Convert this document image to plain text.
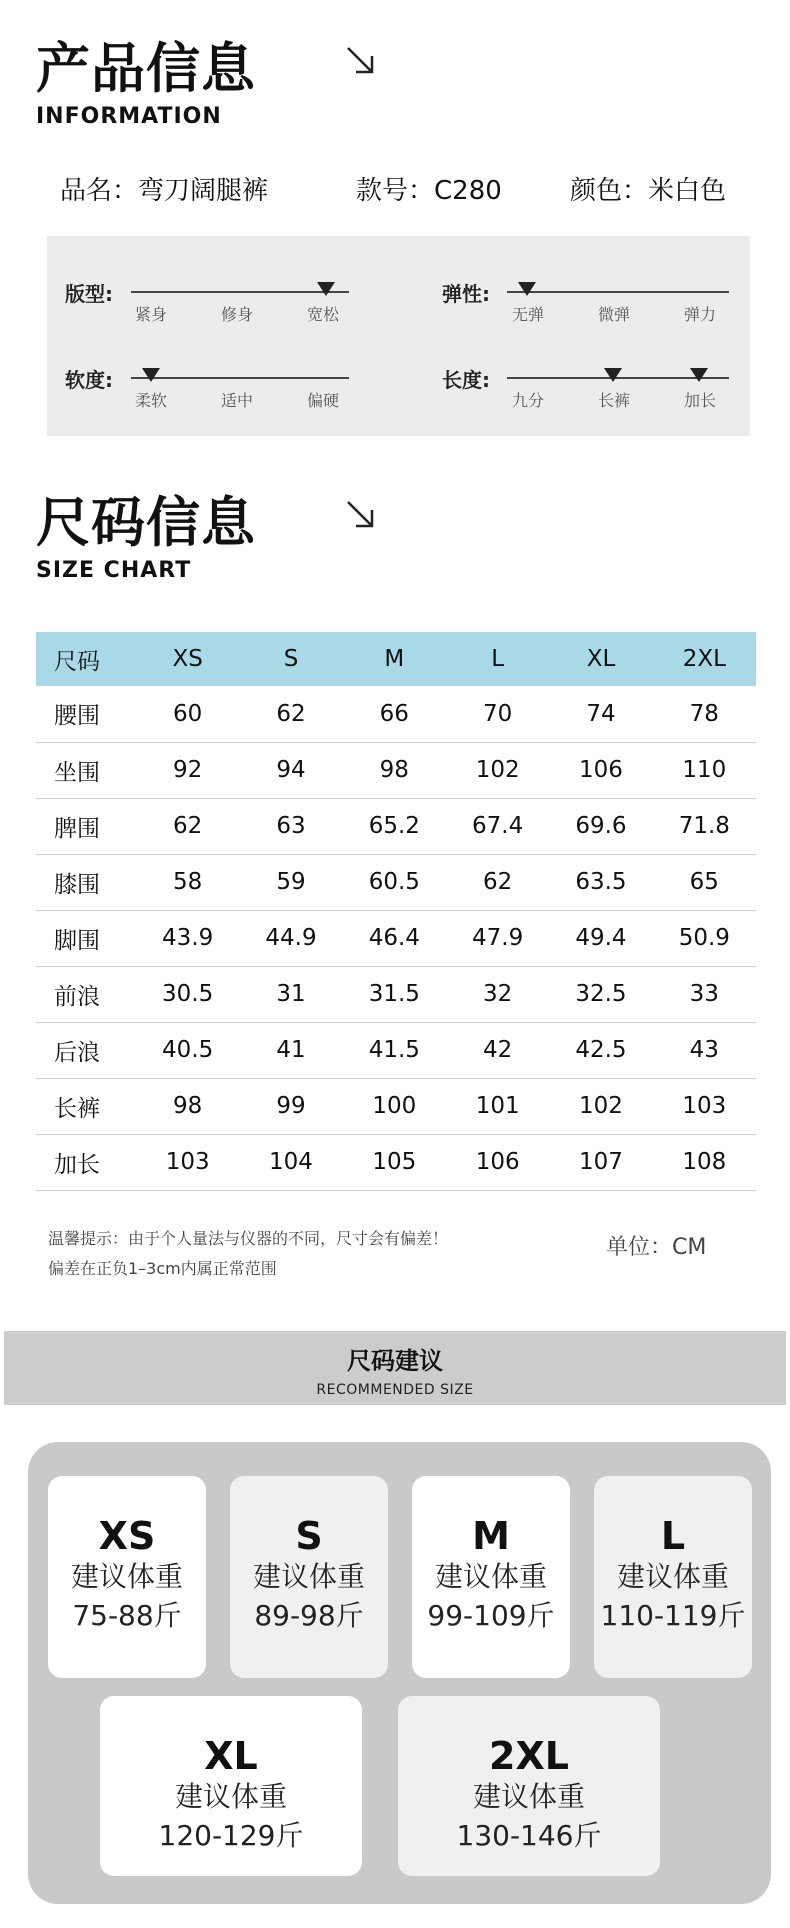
产品信息
INFORMATION
品名：弯刀阔腿裤	款号：C280	颜色：米白色
版型:
紧身	修身	宽松
弹性:
无弹	微弹	弹力
软度:
柔软	适中	偏硬
长度:
九分	长裤	加长
尺码信息
SIZE CHART
尺码	XS	S	M	L	XL	2XL
腰围	60	62	66	70	74	78
坐围	92	94	98	102	106	110
脾围	62	63	65.2	67.4	69.6	71.8
膝围	58	59	60.5	62	63.5	65
脚围	43.9	44.9	46.4	47.9	49.4	50.9
前浪	30.5	31	31.5	32	32.5	33
后浪	40.5	41	41.5	42	42.5	43
长裤	98	99	100	101	102	103
加长	103	104	105	106	107	108
温馨提示：由于个人量法与仪器的不同，尺寸会有偏差！
偏差在正负1–3cm内属正常范围
单位：CM
尺码建议
RECOMMENDED SIZE
XS
建议体重
75-88斤
S
建议体重
89-98斤
M
建议体重
99-109斤
L
建议体重
110-119斤
XL
建议体重
120-129斤
2XL
建议体重
130-146斤
